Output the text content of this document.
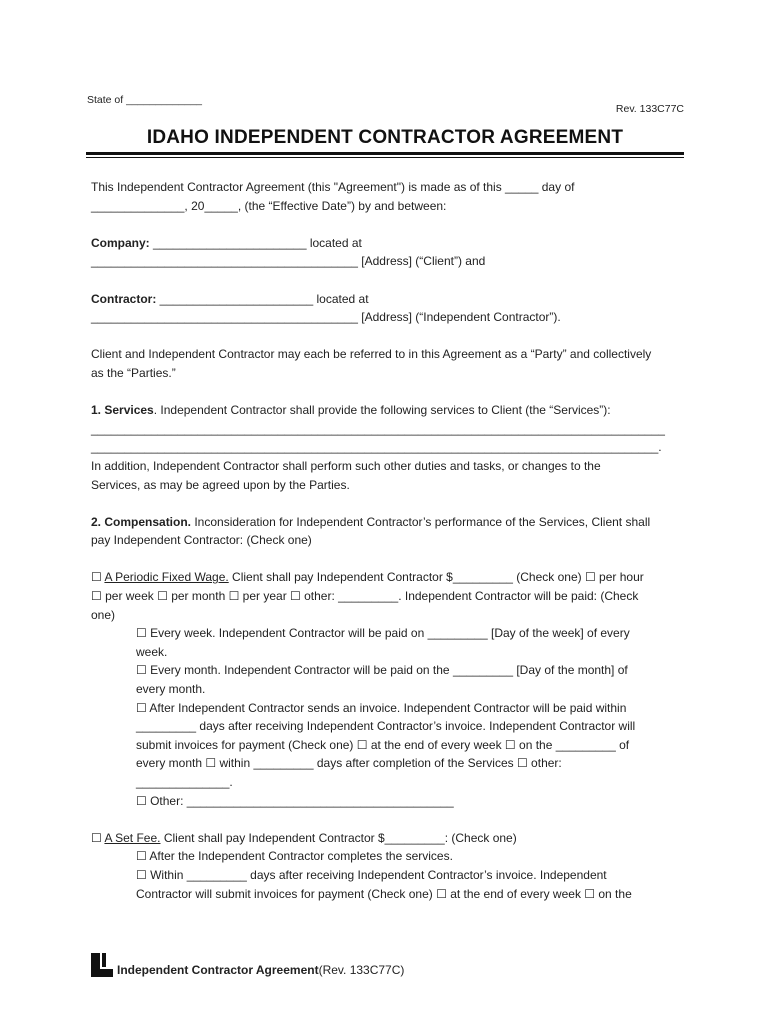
State of _____________
Rev. 133C77C
IDAHO INDEPENDENT CONTRACTOR AGREEMENT

This Independent Contractor Agreement (this "Agreement") is made as of this _____ day of

______________, 20_____, (the “Effective Date”) by and between:

Company: _______________________ located at

________________________________________ [Address] (“Client”) and

Contractor: _______________________ located at

________________________________________ [Address] (“Independent Contractor”).

Client and Independent Contractor may each be referred to in this Agreement as a “Party” and collectively

as the “Parties.”

1. Services. Independent Contractor shall provide the following services to Client (the “Services”):

______________________________________________________________________________________

_____________________________________________________________________________________.

In addition, Independent Contractor shall perform such other duties and tasks, or changes to the

Services, as may be agreed upon by the Parties.

2. Compensation. Inconsideration for Independent Contractor’s performance of the Services, Client shall

pay Independent Contractor: (Check one)

☐ A Periodic Fixed Wage. Client shall pay Independent Contractor $_________ (Check one) ☐ per hour

☐ per week ☐ per month ☐ per year ☐ other: _________. Independent Contractor will be paid: (Check

one)

☐ Every week. Independent Contractor will be paid on _________ [Day of the week] of every

week.

☐ Every month. Independent Contractor will be paid on the _________ [Day of the month] of

every month.

☐ After Independent Contractor sends an invoice. Independent Contractor will be paid within

_________ days after receiving Independent Contractor’s invoice. Independent Contractor will

submit invoices for payment (Check one) ☐ at the end of every week ☐ on the _________ of

every month ☐ within _________ days after completion of the Services ☐ other:

______________.

☐ Other: ________________________________________

☐ A Set Fee. Client shall pay Independent Contractor $_________: (Check one)

☐ After the Independent Contractor completes the services.

☐ Within _________ days after receiving Independent Contractor’s invoice. Independent

Contractor will submit invoices for payment (Check one) ☐ at the end of every week ☐ on the

Independent Contractor Agreement (Rev. 133C77C)
